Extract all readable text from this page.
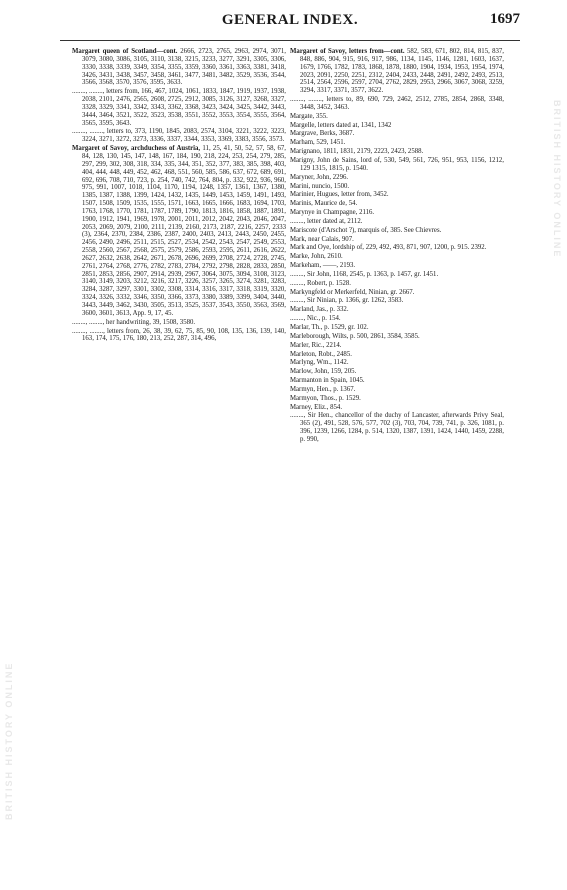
GENERAL INDEX.	1697
BRITISH HISTORY ONLINE
BRITISH HISTORY ONLINE

Margaret queen of Scotland—cont. 2666, 2723, 2765, 2963, 2974, 3071, 3079, 3080, 3086, 3105, 3110, 3138, 3215, 3233, 3277, 3291, 3305, 3306, 3330, 3338, 3339, 3349, 3354, 3355, 3359, 3360, 3361, 3363, 3381, 3418, 3426, 3431, 3438, 3457, 3458, 3461, 3477, 3481, 3482, 3529, 3536, 3544, 3566, 3568, 3570, 3576, 3595, 3633.

........, ........, letters from, 166, 467, 1024, 1061, 1833, 1847, 1919, 1937, 1938, 2038, 2101, 2476, 2565, 2608, 2725, 2912, 3085, 3126, 3127, 3268, 3327, 3328, 3329, 3341, 3342, 3343, 3362, 3368, 3423, 3424, 3425, 3442, 3443, 3444, 3464, 3521, 3522, 3523, 3538, 3551, 3552, 3553, 3554, 3555, 3564, 3565, 3595, 3643.

........, ........, letters to, 373, 1190, 1845, 2083, 2574, 3104, 3221, 3222, 3223, 3224, 3271, 3272, 3273, 3336, 3337, 3344, 3353, 3369, 3383, 3556, 3573.

Margaret of Savoy, archduchess of Austria, 11, 25, 41, 50, 52, 57, 58, 67, 84, 128, 130, 145, 147, 148, 167, 184, 190, 218, 224, 253, 254, 279, 285, 297, 299, 302, 308, 318, 334, 335, 344, 351, 352, 377, 383, 385, 398, 403, 404, 444, 448, 449, 452, 462, 468, 551, 560, 585, 586, 637, 672, 689, 691, 692, 696, 708, 710, 723, p. 254, 740, 742, 764, 804, p. 332, 922, 936, 960, 975, 991, 1007, 1018, 1104, 1170, 1194, 1248, 1357, 1361, 1367, 1380, 1385, 1387, 1388, 1399, 1424, 1432, 1435, 1449, 1453, 1459, 1491, 1493, 1507, 1508, 1509, 1535, 1555, 1571, 1663, 1665, 1666, 1683, 1694, 1703, 1763, 1768, 1770, 1781, 1787, 1789, 1790, 1813, 1816, 1858, 1887, 1891, 1900, 1912, 1941, 1969, 1978, 2001, 2011, 2012, 2042, 2043, 2046, 2047, 2053, 2069, 2079, 2100, 2111, 2139, 2160, 2173, 2187, 2216, 2257, 2333 (3), 2364, 2370, 2384, 2386, 2387, 2400, 2403, 2413, 2443, 2450, 2455, 2456, 2490, 2496, 2511, 2515, 2527, 2534, 2542, 2543, 2547, 2549, 2553, 2558, 2560, 2567, 2568, 2575, 2579, 2586, 2593, 2595, 2611, 2616, 2622, 2627, 2632, 2638, 2642, 2671, 2678, 2696, 2699, 2708, 2724, 2728, 2745, 2761, 2764, 2768, 2776, 2782, 2783, 2784, 2792, 2798, 2828, 2833, 2850, 2851, 2853, 2856, 2907, 2914, 2939, 2967, 3064, 3075, 3094, 3108, 3123, 3140, 3149, 3203, 3212, 3216, 3217, 3226, 3257, 3265, 3274, 3281, 3283, 3284, 3287, 3297, 3301, 3302, 3308, 3314, 3316, 3317, 3318, 3319, 3320, 3324, 3326, 3332, 3346, 3350, 3366, 3373, 3380, 3389, 3399, 3404, 3440, 3443, 3449, 3462, 3430, 3505, 3513, 3525, 3537, 3543, 3550, 3563, 3569, 3600, 3601, 3613, App. 9, 17, 45.

........, ........, her handwriting, 39, 1508, 3580.

........, ........, letters from, 26, 38, 39, 62, 75, 85, 90, 108, 135, 136, 139, 140, 163, 174, 175, 176, 180, 213, 252, 287, 314, 496,

Margaret of Savoy, letters from—cont. 582, 583, 671, 802, 814, 815, 837, 848, 886, 904, 915, 916, 917, 986, 1134, 1145, 1146, 1281, 1603, 1637, 1679, 1766, 1782, 1783, 1868, 1878, 1880, 1904, 1934, 1953, 1954, 1974, 2023, 2091, 2250, 2251, 2312, 2404, 2433, 2448, 2491, 2492, 2493, 2513, 2514, 2564, 2596, 2597, 2704, 2762, 2829, 2953, 2966, 3067, 3068, 3259, 3294, 3317, 3371, 3577, 3622.

........, ........, letters to, 89, 690, 729, 2462, 2512, 2785, 2854, 2868, 3348, 3448, 3452, 3463.

Margate, 355.

Margelle, letters dated at, 1341, 1342

Margrave, Berks, 3687.

Marham, 529, 1451.

Marignano, 1811, 1831, 2179, 2223, 2423, 2588.

Marigny, John de Sains, lord of, 530, 549, 561, 726, 951, 953, 1156, 1212, 129 1315, 1815, p. 1540.

Maryner, John, 2296.

Marini, nuncio, 1500.

Marinier, Hugues, letter from, 3452.

Marinis, Maurice de, 54.

Marynye in Champagne, 2116.

........, letter dated at, 2112.

Mariscote (d'Arschot ?), marquis of, 385. See Chievres.

Mark, near Calais, 907.

Mark and Oye, lordship of, 229, 492, 493, 871, 907, 1200, p. 915. 2392.

Marke, John, 2610.

Markeham, ——, 2193.

........, Sir John, 1168, 2545, p. 1363, p. 1457, gr. 1451.

........, Robert, p. 1528.

Markyngfeld or Merkerfeld, Ninian, gr. 2667.

........, Sir Ninian, p. 1366, gr. 1262, 3583.

Marland, Jas., p. 332.

........, Nic., p. 154.

Marlar, Th., p. 1529, gr. 102.

Marleborough, Wilts, p. 500, 2861, 3584, 3585.

Marler, Ric., 2214.

Marleton, Robt., 2485.

Marlyng, Wm., 1142.

Marlow, John, 159, 205.

Marmanton in Spain, 1045.

Marmyn, Hen., p. 1367.

Marmyon, Thos., p. 1529.

Marney, Eliz., 854.

........, Sir Hen., chancellor of the duchy of Lancaster, afterwards Privy Seal, 365 (2), 491, 528, 576, 577, 702 (3), 703, 704, 739, 741, p. 326, 1081, p. 396, 1239, 1266, 1284, p. 514, 1320, 1387, 1391, 1424, 1440, 1459, 2288, p. 990,
